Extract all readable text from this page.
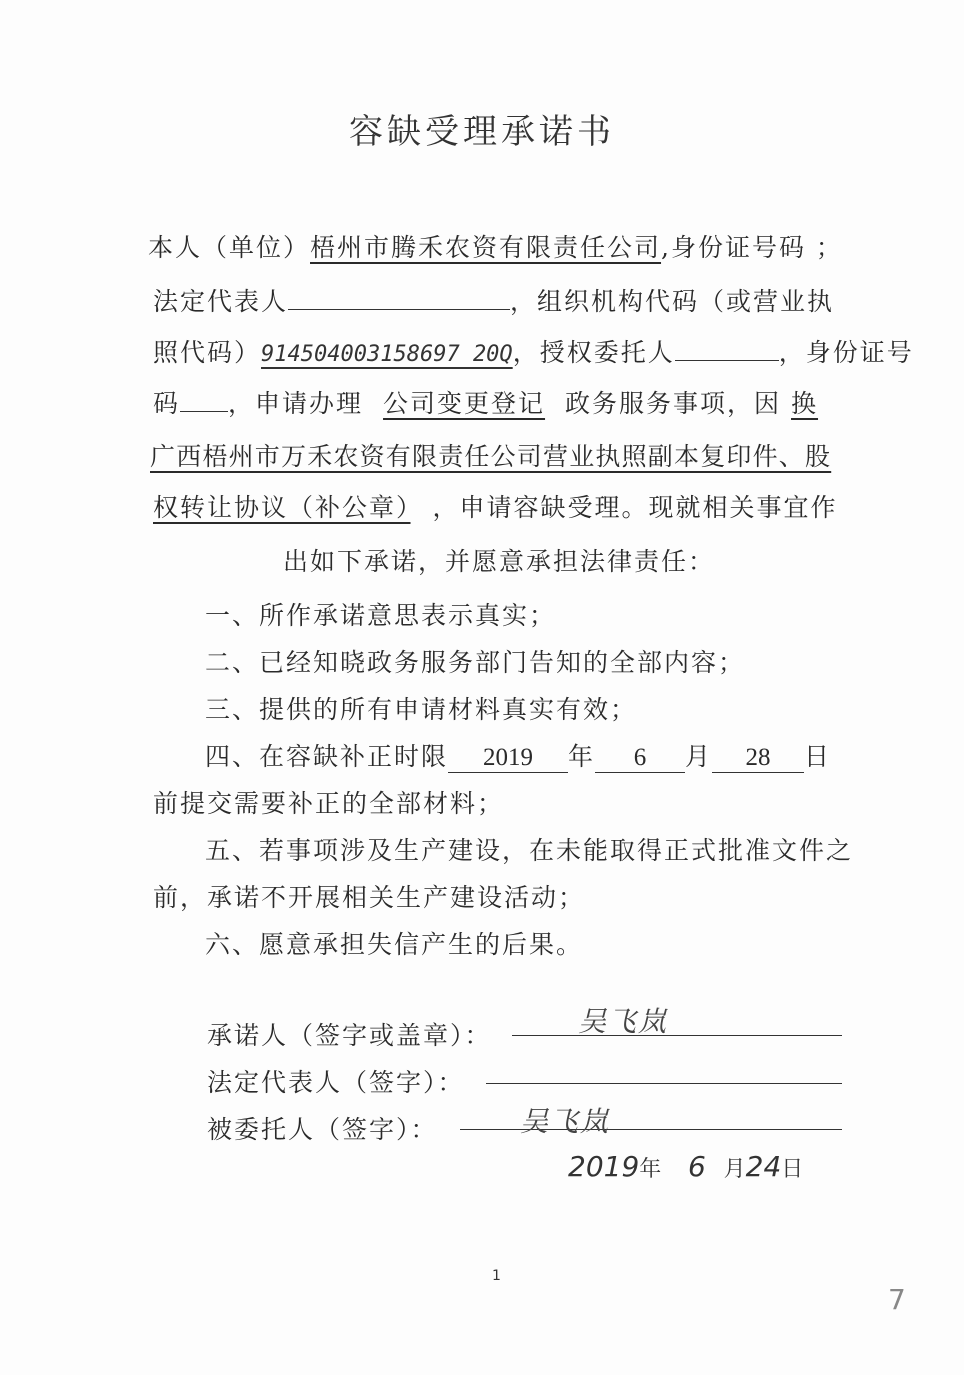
容缺受理承诺书
本人（单位）梧州市腾禾农资有限责任公司,身份证号码 ；
法定代表人	，组织机构代码（或营业执
照代码）914504003158697 20Q，授权委托人	，身份证号
码 ，申请办理 公司变更登记 政务服务事项，因 换
广西梧州市万禾农资有限责任公司营业执照副本复印件、股
权转让协议（补公章） ，申请容缺受理。现就相关事宜作
出如下承诺，并愿意承担法律责任：
一、所作承诺意思表示真实；
二、已经知晓政务服务部门告知的全部内容；
三、提供的所有申请材料真实有效；
四、在容缺补正时限 2019 年 6 月 28 日
前提交需要补正的全部材料；
五、若事项涉及生产建设，在未能取得正式批准文件之
前，承诺不开展相关生产建设活动；
六、愿意承担失信产生的后果。
承诺人（签字或盖章）：	吴飞岚
法定代表人（签字）：
被委托人（签字）：	吴飞岚
2019年 6 月24日
1
7
